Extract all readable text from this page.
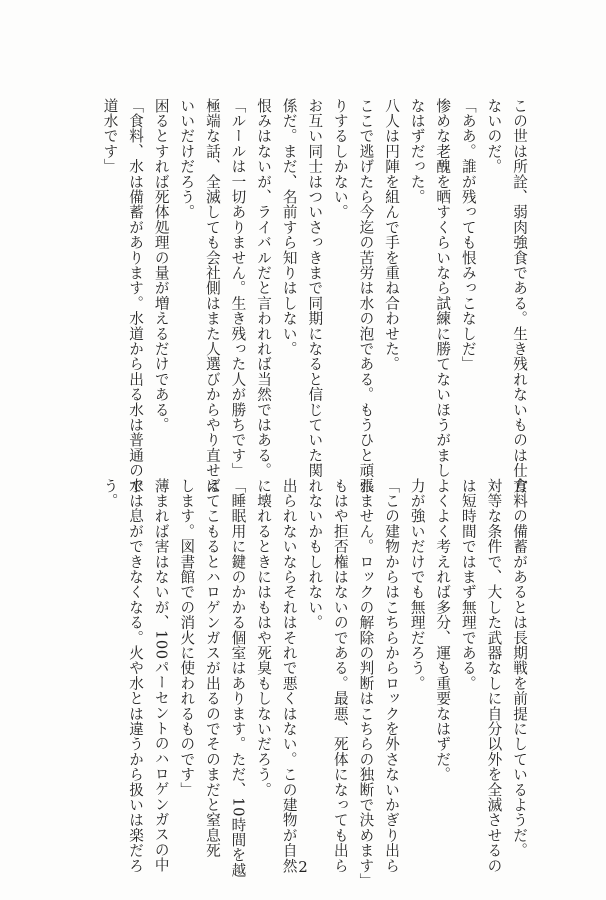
この世は所詮、弱肉強食である。生き残れないものは仕方

ないのだ。

「ああ。誰が残っても恨みっこなしだ」

惨めな老醜を晒すくらいなら試練に勝てないほうがまし

なはずだった。

八人は円陣を組んで手を重ね合わせた。

ここで逃げたら今迄の苦労は水の泡である。もうひと頑張

りするしかない。

お互い同士はついさっきまで同期になると信じていた関

係だ。まだ、名前すら知りはしない。

恨みはないが、ライバルだと言われれば当然ではある。

「ルールは一切ありません。生き残った人が勝ちです」

極端な話、全滅しても会社側はまた人選びからやり直せば

いいだけだろう。

困るとすれば死体処理の量が増えるだけである。

「食料、水は備蓄があります。水道から出る水は普通の水

道水です」

食料の備蓄があるとは長期戦を前提にしているようだ。

対等な条件で、大した武器なしに自分以外を全滅させるの

は短時間ではまず無理である。

よくよく考えれば多分、運も重要なはずだ。

力が強いだけでも無理だろう。

「この建物からはこちらからロックを外さないかぎり出ら

れません。ロックの解除の判断はこちらの独断で決めます」

もはや拒否権はないのである。最悪、死体になっても出ら

れないかもしれない。

出られないならそれはそれで悪くはない。この建物が自然

に壊れるときにはもはや死臭もしないだろう。

「睡眠用に鍵のかかる個室はあります。ただ、10時間を越

えてこもるとハロゲンガスが出るのでそのまだと窒息死

します。図書館での消火に使われるものです」

薄まれば害はないが、100パーセントのハロゲンガスの中

では息ができなくなる。火や水とは違うから扱いは楽だろ

う。

2
